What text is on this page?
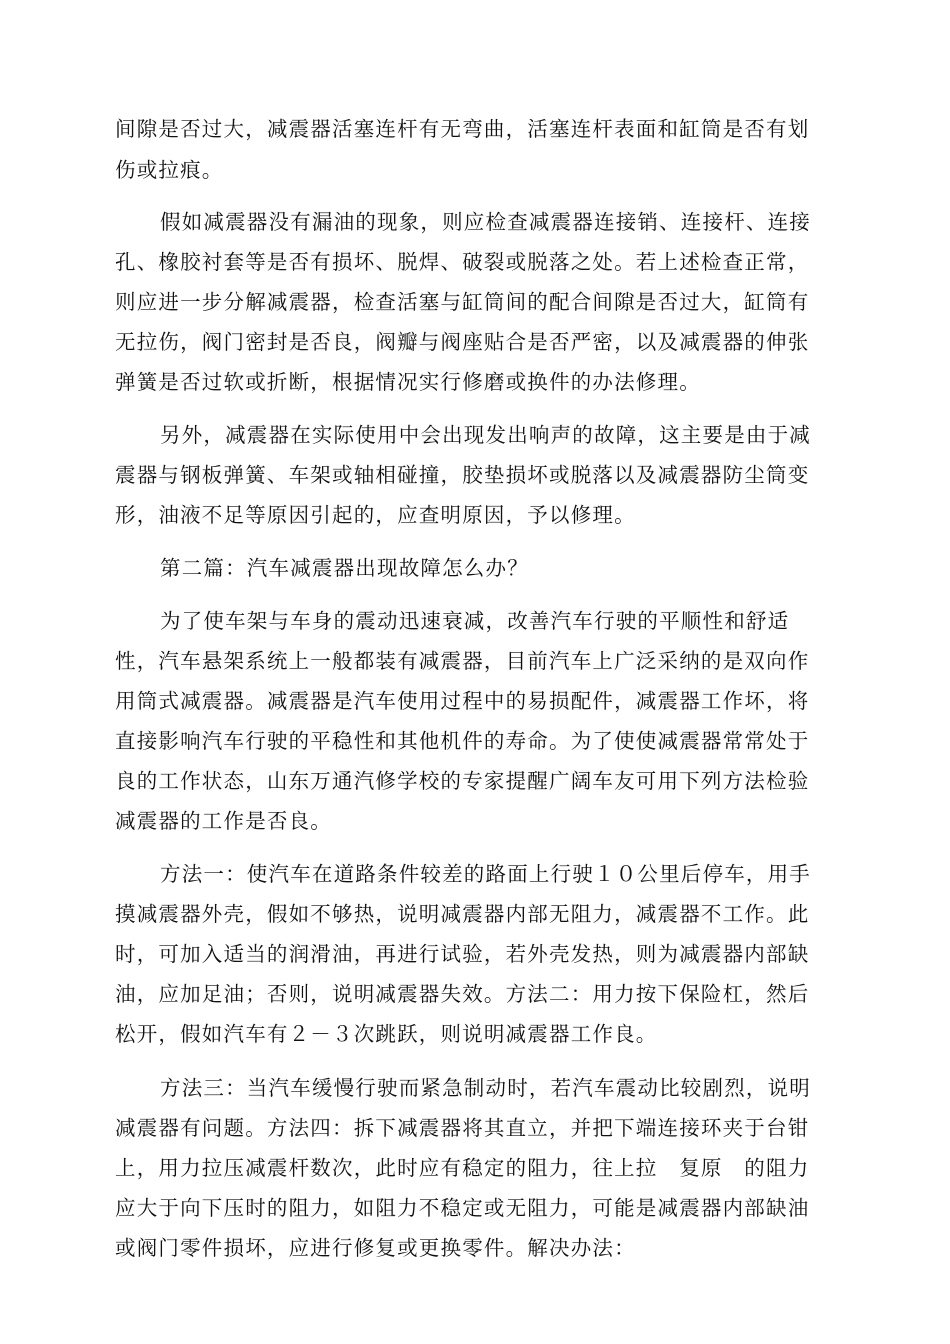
间隙是否过大，减震器活塞连杆有无弯曲，活塞连杆表面和缸筒是否有划
伤或拉痕。
假如减震器没有漏油的现象，则应检查减震器连接销、连接杆、连接
孔、橡胶衬套等是否有损坏、脱焊、破裂或脱落之处。若上述检查正常，
则应进一步分解减震器，检查活塞与缸筒间的配合间隙是否过大，缸筒有
无拉伤，阀门密封是否良，阀瓣与阀座贴合是否严密，以及减震器的伸张
弹簧是否过软或折断，根据情况实行修磨或换件的办法修理。
另外，减震器在实际使用中会出现发出响声的故障，这主要是由于减
震器与钢板弹簧、车架或轴相碰撞，胶垫损坏或脱落以及减震器防尘筒变
形，油液不足等原因引起的，应查明原因，予以修理。
第二篇：汽车减震器出现故障怎么办？
为了使车架与车身的震动迅速衰减，改善汽车行驶的平顺性和舒适
性，汽车悬架系统上一般都装有减震器，目前汽车上广泛采纳的是双向作
用筒式减震器。减震器是汽车使用过程中的易损配件，减震器工作坏，将
直接影响汽车行驶的平稳性和其他机件的寿命。为了使使减震器常常处于
良的工作状态，山东万通汽修学校的专家提醒广阔车友可用下列方法检验
减震器的工作是否良。
方法一：使汽车在道路条件较差的路面上行驶１０公里后停车，用手
摸减震器外壳，假如不够热，说明减震器内部无阻力，减震器不工作。此
时，可加入适当的润滑油，再进行试验，若外壳发热，则为减震器内部缺
油，应加足油；否则，说明减震器失效。方法二：用力按下保险杠，然后
松开，假如汽车有２－３次跳跃，则说明减震器工作良。
方法三：当汽车缓慢行驶而紧急制动时，若汽车震动比较剧烈，说明
减震器有问题。方法四：拆下减震器将其直立，并把下端连接环夹于台钳
上，用力拉压减震杆数次，此时应有稳定的阻力，往上拉　复原　的阻力
应大于向下压时的阻力，如阻力不稳定或无阻力，可能是减震器内部缺油
或阀门零件损坏，应进行修复或更换零件。解决办法：
